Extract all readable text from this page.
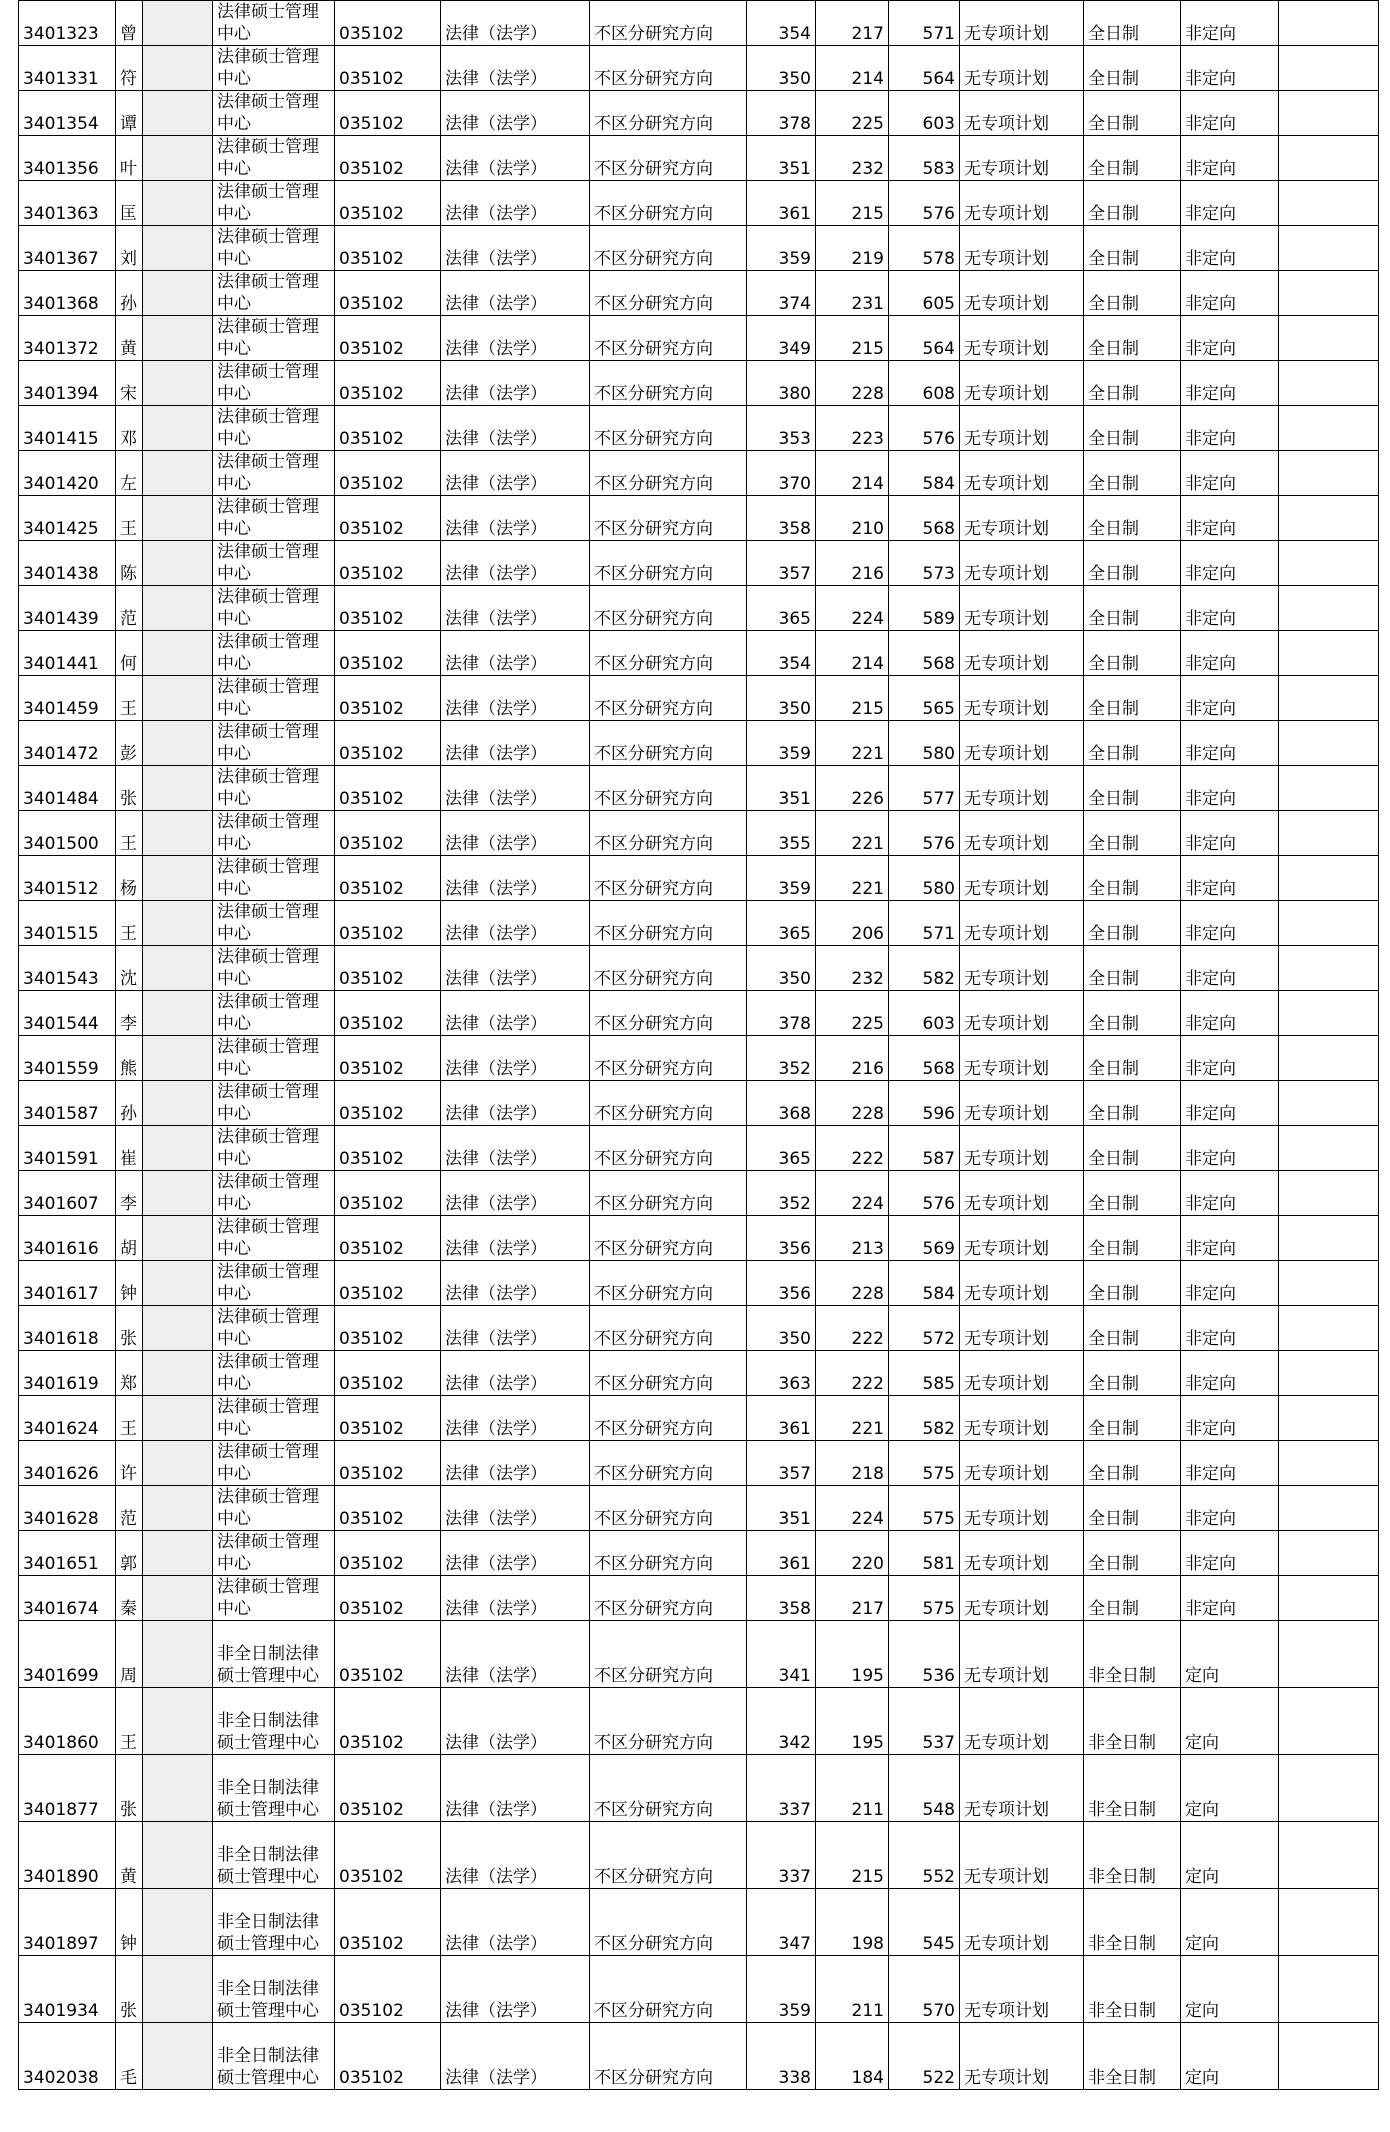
3401323	曾		法律硕士管理中心	035102	法律（法学）	不区分研究方向	354	217	571	无专项计划	全日制	非定向	
3401331	符		法律硕士管理中心	035102	法律（法学）	不区分研究方向	350	214	564	无专项计划	全日制	非定向	
3401354	谭		法律硕士管理中心	035102	法律（法学）	不区分研究方向	378	225	603	无专项计划	全日制	非定向	
3401356	叶		法律硕士管理中心	035102	法律（法学）	不区分研究方向	351	232	583	无专项计划	全日制	非定向	
3401363	匡		法律硕士管理中心	035102	法律（法学）	不区分研究方向	361	215	576	无专项计划	全日制	非定向	
3401367	刘		法律硕士管理中心	035102	法律（法学）	不区分研究方向	359	219	578	无专项计划	全日制	非定向	
3401368	孙		法律硕士管理中心	035102	法律（法学）	不区分研究方向	374	231	605	无专项计划	全日制	非定向	
3401372	黄		法律硕士管理中心	035102	法律（法学）	不区分研究方向	349	215	564	无专项计划	全日制	非定向	
3401394	宋		法律硕士管理中心	035102	法律（法学）	不区分研究方向	380	228	608	无专项计划	全日制	非定向	
3401415	邓		法律硕士管理中心	035102	法律（法学）	不区分研究方向	353	223	576	无专项计划	全日制	非定向	
3401420	左		法律硕士管理中心	035102	法律（法学）	不区分研究方向	370	214	584	无专项计划	全日制	非定向	
3401425	王		法律硕士管理中心	035102	法律（法学）	不区分研究方向	358	210	568	无专项计划	全日制	非定向	
3401438	陈		法律硕士管理中心	035102	法律（法学）	不区分研究方向	357	216	573	无专项计划	全日制	非定向	
3401439	范		法律硕士管理中心	035102	法律（法学）	不区分研究方向	365	224	589	无专项计划	全日制	非定向	
3401441	何		法律硕士管理中心	035102	法律（法学）	不区分研究方向	354	214	568	无专项计划	全日制	非定向	
3401459	王		法律硕士管理中心	035102	法律（法学）	不区分研究方向	350	215	565	无专项计划	全日制	非定向	
3401472	彭		法律硕士管理中心	035102	法律（法学）	不区分研究方向	359	221	580	无专项计划	全日制	非定向	
3401484	张		法律硕士管理中心	035102	法律（法学）	不区分研究方向	351	226	577	无专项计划	全日制	非定向	
3401500	王		法律硕士管理中心	035102	法律（法学）	不区分研究方向	355	221	576	无专项计划	全日制	非定向	
3401512	杨		法律硕士管理中心	035102	法律（法学）	不区分研究方向	359	221	580	无专项计划	全日制	非定向	
3401515	王		法律硕士管理中心	035102	法律（法学）	不区分研究方向	365	206	571	无专项计划	全日制	非定向	
3401543	沈		法律硕士管理中心	035102	法律（法学）	不区分研究方向	350	232	582	无专项计划	全日制	非定向	
3401544	李		法律硕士管理中心	035102	法律（法学）	不区分研究方向	378	225	603	无专项计划	全日制	非定向	
3401559	熊		法律硕士管理中心	035102	法律（法学）	不区分研究方向	352	216	568	无专项计划	全日制	非定向	
3401587	孙		法律硕士管理中心	035102	法律（法学）	不区分研究方向	368	228	596	无专项计划	全日制	非定向	
3401591	崔		法律硕士管理中心	035102	法律（法学）	不区分研究方向	365	222	587	无专项计划	全日制	非定向	
3401607	李		法律硕士管理中心	035102	法律（法学）	不区分研究方向	352	224	576	无专项计划	全日制	非定向	
3401616	胡		法律硕士管理中心	035102	法律（法学）	不区分研究方向	356	213	569	无专项计划	全日制	非定向	
3401617	钟		法律硕士管理中心	035102	法律（法学）	不区分研究方向	356	228	584	无专项计划	全日制	非定向	
3401618	张		法律硕士管理中心	035102	法律（法学）	不区分研究方向	350	222	572	无专项计划	全日制	非定向	
3401619	郑		法律硕士管理中心	035102	法律（法学）	不区分研究方向	363	222	585	无专项计划	全日制	非定向	
3401624	王		法律硕士管理中心	035102	法律（法学）	不区分研究方向	361	221	582	无专项计划	全日制	非定向	
3401626	许		法律硕士管理中心	035102	法律（法学）	不区分研究方向	357	218	575	无专项计划	全日制	非定向	
3401628	范		法律硕士管理中心	035102	法律（法学）	不区分研究方向	351	224	575	无专项计划	全日制	非定向	
3401651	郭		法律硕士管理中心	035102	法律（法学）	不区分研究方向	361	220	581	无专项计划	全日制	非定向	
3401674	秦		法律硕士管理中心	035102	法律（法学）	不区分研究方向	358	217	575	无专项计划	全日制	非定向	
3401699	周		非全日制法律硕士管理中心	035102	法律（法学）	不区分研究方向	341	195	536	无专项计划	非全日制	定向	
3401860	王		非全日制法律硕士管理中心	035102	法律（法学）	不区分研究方向	342	195	537	无专项计划	非全日制	定向	
3401877	张		非全日制法律硕士管理中心	035102	法律（法学）	不区分研究方向	337	211	548	无专项计划	非全日制	定向	
3401890	黄		非全日制法律硕士管理中心	035102	法律（法学）	不区分研究方向	337	215	552	无专项计划	非全日制	定向	
3401897	钟		非全日制法律硕士管理中心	035102	法律（法学）	不区分研究方向	347	198	545	无专项计划	非全日制	定向	
3401934	张		非全日制法律硕士管理中心	035102	法律（法学）	不区分研究方向	359	211	570	无专项计划	非全日制	定向	
3402038	毛		非全日制法律硕士管理中心	035102	法律（法学）	不区分研究方向	338	184	522	无专项计划	非全日制	定向	
